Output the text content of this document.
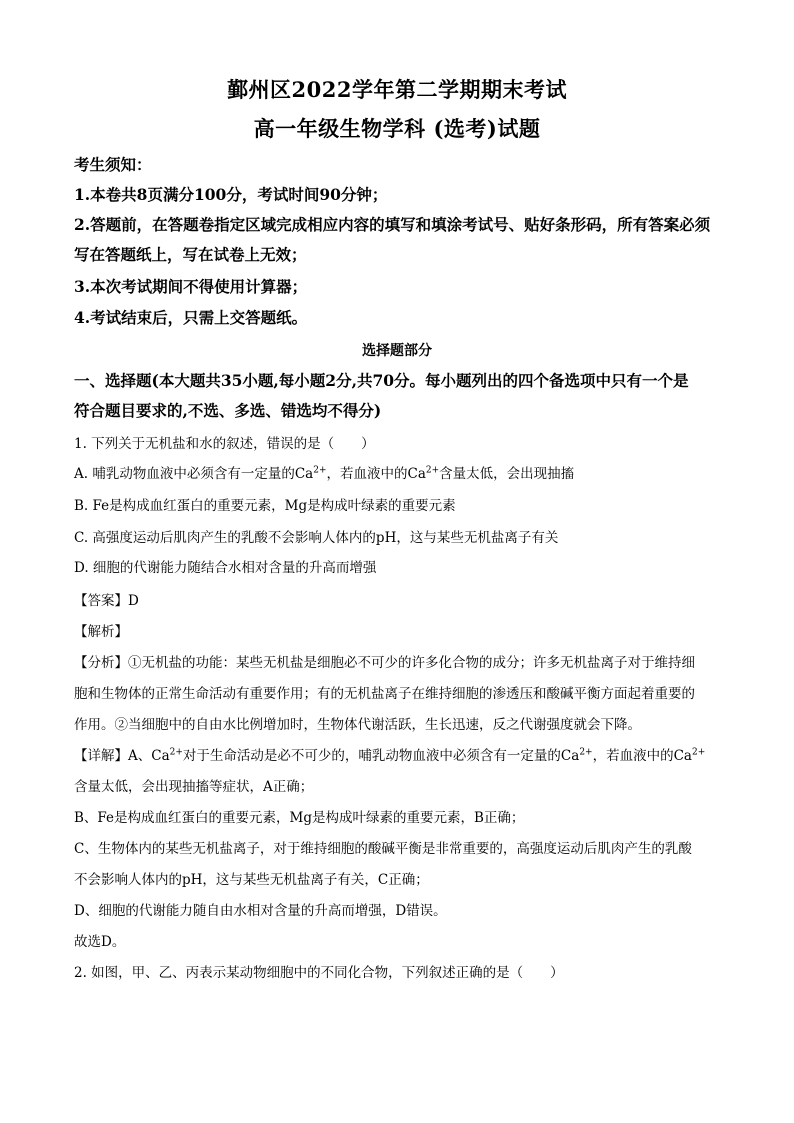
鄞州区2022学年第二学期期末考试
高一年级生物学科 (选考)试题
考生须知：
1.本卷共8页满分100分，考试时间90分钟；
2.答题前，在答题卷指定区域完成相应内容的填写和填涂考试号、贴好条形码，所有答案必须
写在答题纸上，写在试卷上无效；
3.本次考试期间不得使用计算器；
4.考试结束后，只需上交答题纸。
选择题部分
一、选择题(本大题共35小题,每小题2分,共70分。每小题列出的四个备选项中只有一个是
符合题目要求的,不选、多选、错选均不得分)
1. 下列关于无机盐和水的叙述，错误的是（　　）
A. 哺乳动物血液中必须含有一定量的$Ca^{2+}$，若血液中的$Ca^{2+}$含量太低，会出现抽搐
B. Fe是构成血红蛋白的重要元素，Mg是构成叶绿素的重要元素
C. 高强度运动后肌肉产生的乳酸不会影响人体内的pH，这与某些无机盐离子有关
D. 细胞的代谢能力随结合水相对含量的升高而增强
【答案】D
【解析】
【分析】①无机盐的功能：某些无机盐是细胞必不可少的许多化合物的成分；许多无机盐离子对于维持细
胞和生物体的正常生命活动有重要作用；有的无机盐离子在维持细胞的渗透压和酸碱平衡方面起着重要的
作用。②当细胞中的自由水比例增加时，生物体代谢活跃，生长迅速，反之代谢强度就会下降。
【详解】A、$Ca^{2+}$对于生命活动是必不可少的，哺乳动物血液中必须含有一定量的$Ca^{2+}$，若血液中的$Ca^{2+}$
含量太低，会出现抽搐等症状，A正确；
B、Fe是构成血红蛋白的重要元素，Mg是构成叶绿素的重要元素，B正确；
C、生物体内的某些无机盐离子，对于维持细胞的酸碱平衡是非常重要的，高强度运动后肌肉产生的乳酸
不会影响人体内的pH，这与某些无机盐离子有关，C正确；
D、细胞的代谢能力随自由水相对含量的升高而增强，D错误。
故选D。
2. 如图，甲、乙、丙表示某动物细胞中的不同化合物，下列叙述正确的是（　　）
